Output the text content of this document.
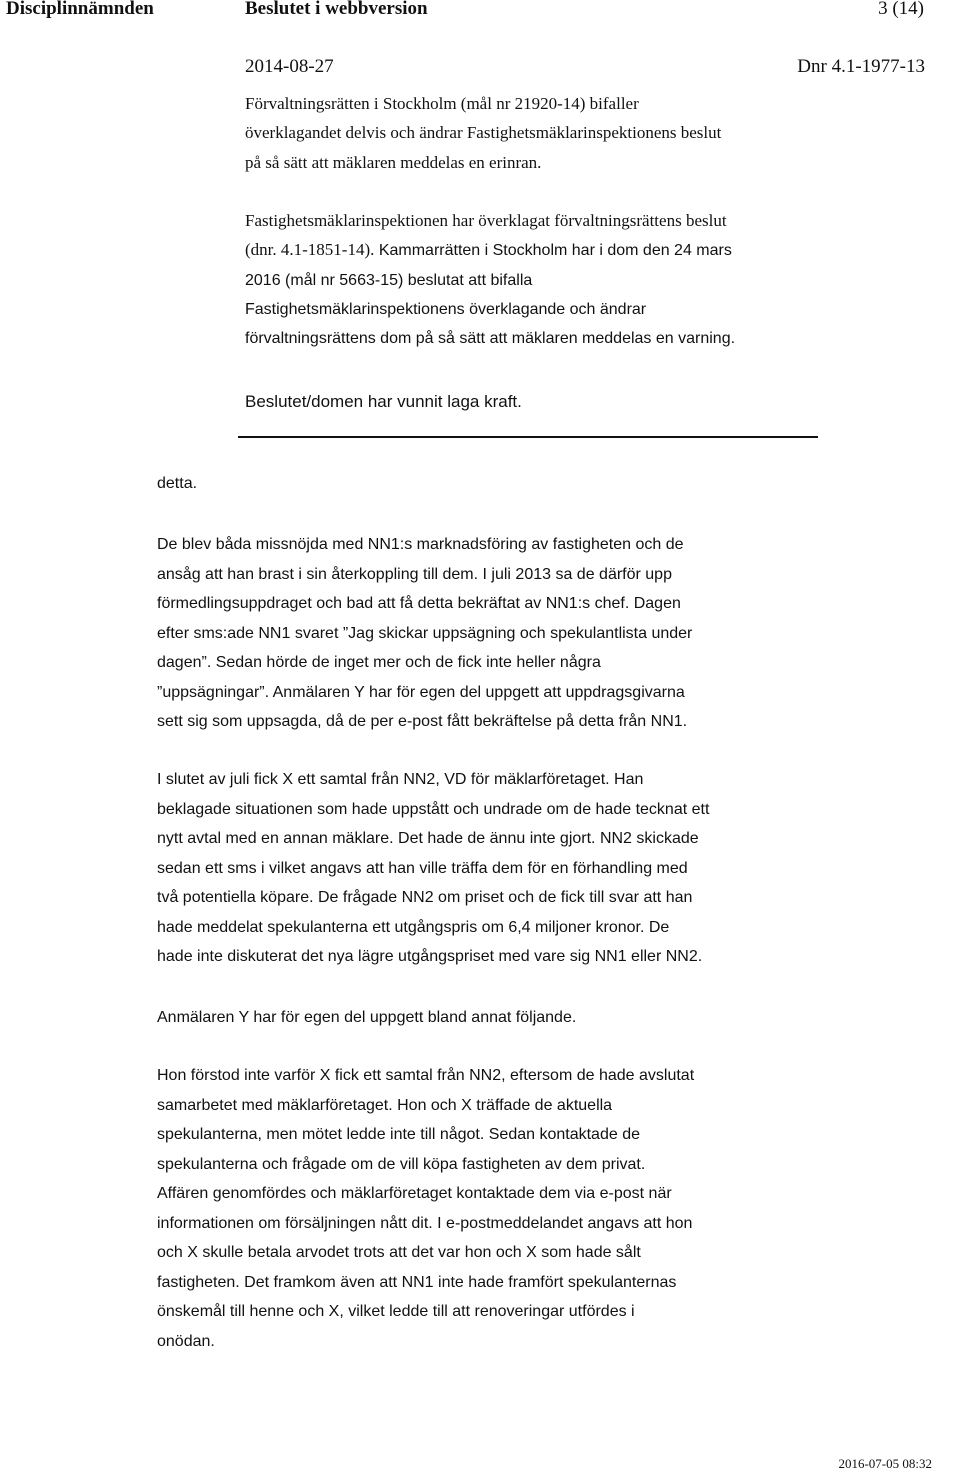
Disciplinnämnden	Beslutet i webbversion	3 (14)
2014-08-27	Dnr 4.1-1977-13
Förvaltningsrätten i Stockholm (mål nr 21920-14) bifaller
överklagandet delvis och ändrar Fastighetsmäklarinspektionens beslut
på så sätt att mäklaren meddelas en erinran.
Fastighetsmäklarinspektionen har överklagat förvaltningsrättens beslut
(dnr. 4.1-1851-14). Kammarrätten i Stockholm har i dom den 24 mars
2016 (mål nr 5663-15) beslutat att bifalla
Fastighetsmäklarinspektionens överklagande och ändrar
förvaltningsrättens dom på så sätt att mäklaren meddelas en varning.
Beslutet/domen har vunnit laga kraft.
detta.
De blev båda missnöjda med NN1:s marknadsföring av fastigheten och de
ansåg att han brast i sin återkoppling till dem. I juli 2013 sa de därför upp
förmedlingsuppdraget och bad att få detta bekräftat av NN1:s chef. Dagen
efter sms:ade NN1 svaret ”Jag skickar uppsägning och spekulantlista under
dagen”. Sedan hörde de inget mer och de fick inte heller några
”uppsägningar”. Anmälaren Y har för egen del uppgett att uppdragsgivarna
sett sig som uppsagda, då de per e-post fått bekräftelse på detta från NN1.
I slutet av juli fick X ett samtal från NN2, VD för mäklarföretaget. Han
beklagade situationen som hade uppstått och undrade om de hade tecknat ett
nytt avtal med en annan mäklare. Det hade de ännu inte gjort. NN2 skickade
sedan ett sms i vilket angavs att han ville träffa dem för en förhandling med
två potentiella köpare. De frågade NN2 om priset och de fick till svar att han
hade meddelat spekulanterna ett utgångspris om 6,4 miljoner kronor. De
hade inte diskuterat det nya lägre utgångspriset med vare sig NN1 eller NN2.
Anmälaren Y har för egen del uppgett bland annat följande.
Hon förstod inte varför X fick ett samtal från NN2, eftersom de hade avslutat
samarbetet med mäklarföretaget. Hon och X träffade de aktuella
spekulanterna, men mötet ledde inte till något. Sedan kontaktade de
spekulanterna och frågade om de vill köpa fastigheten av dem privat.
Affären genomfördes och mäklarföretaget kontaktade dem via e-post när
informationen om försäljningen nått dit. I e-postmeddelandet angavs att hon
och X skulle betala arvodet trots att det var hon och X som hade sålt
fastigheten. Det framkom även att NN1 inte hade framfört spekulanternas
önskemål till henne och X, vilket ledde till att renoveringar utfördes i
onödan.
2016-07-05 08:32
